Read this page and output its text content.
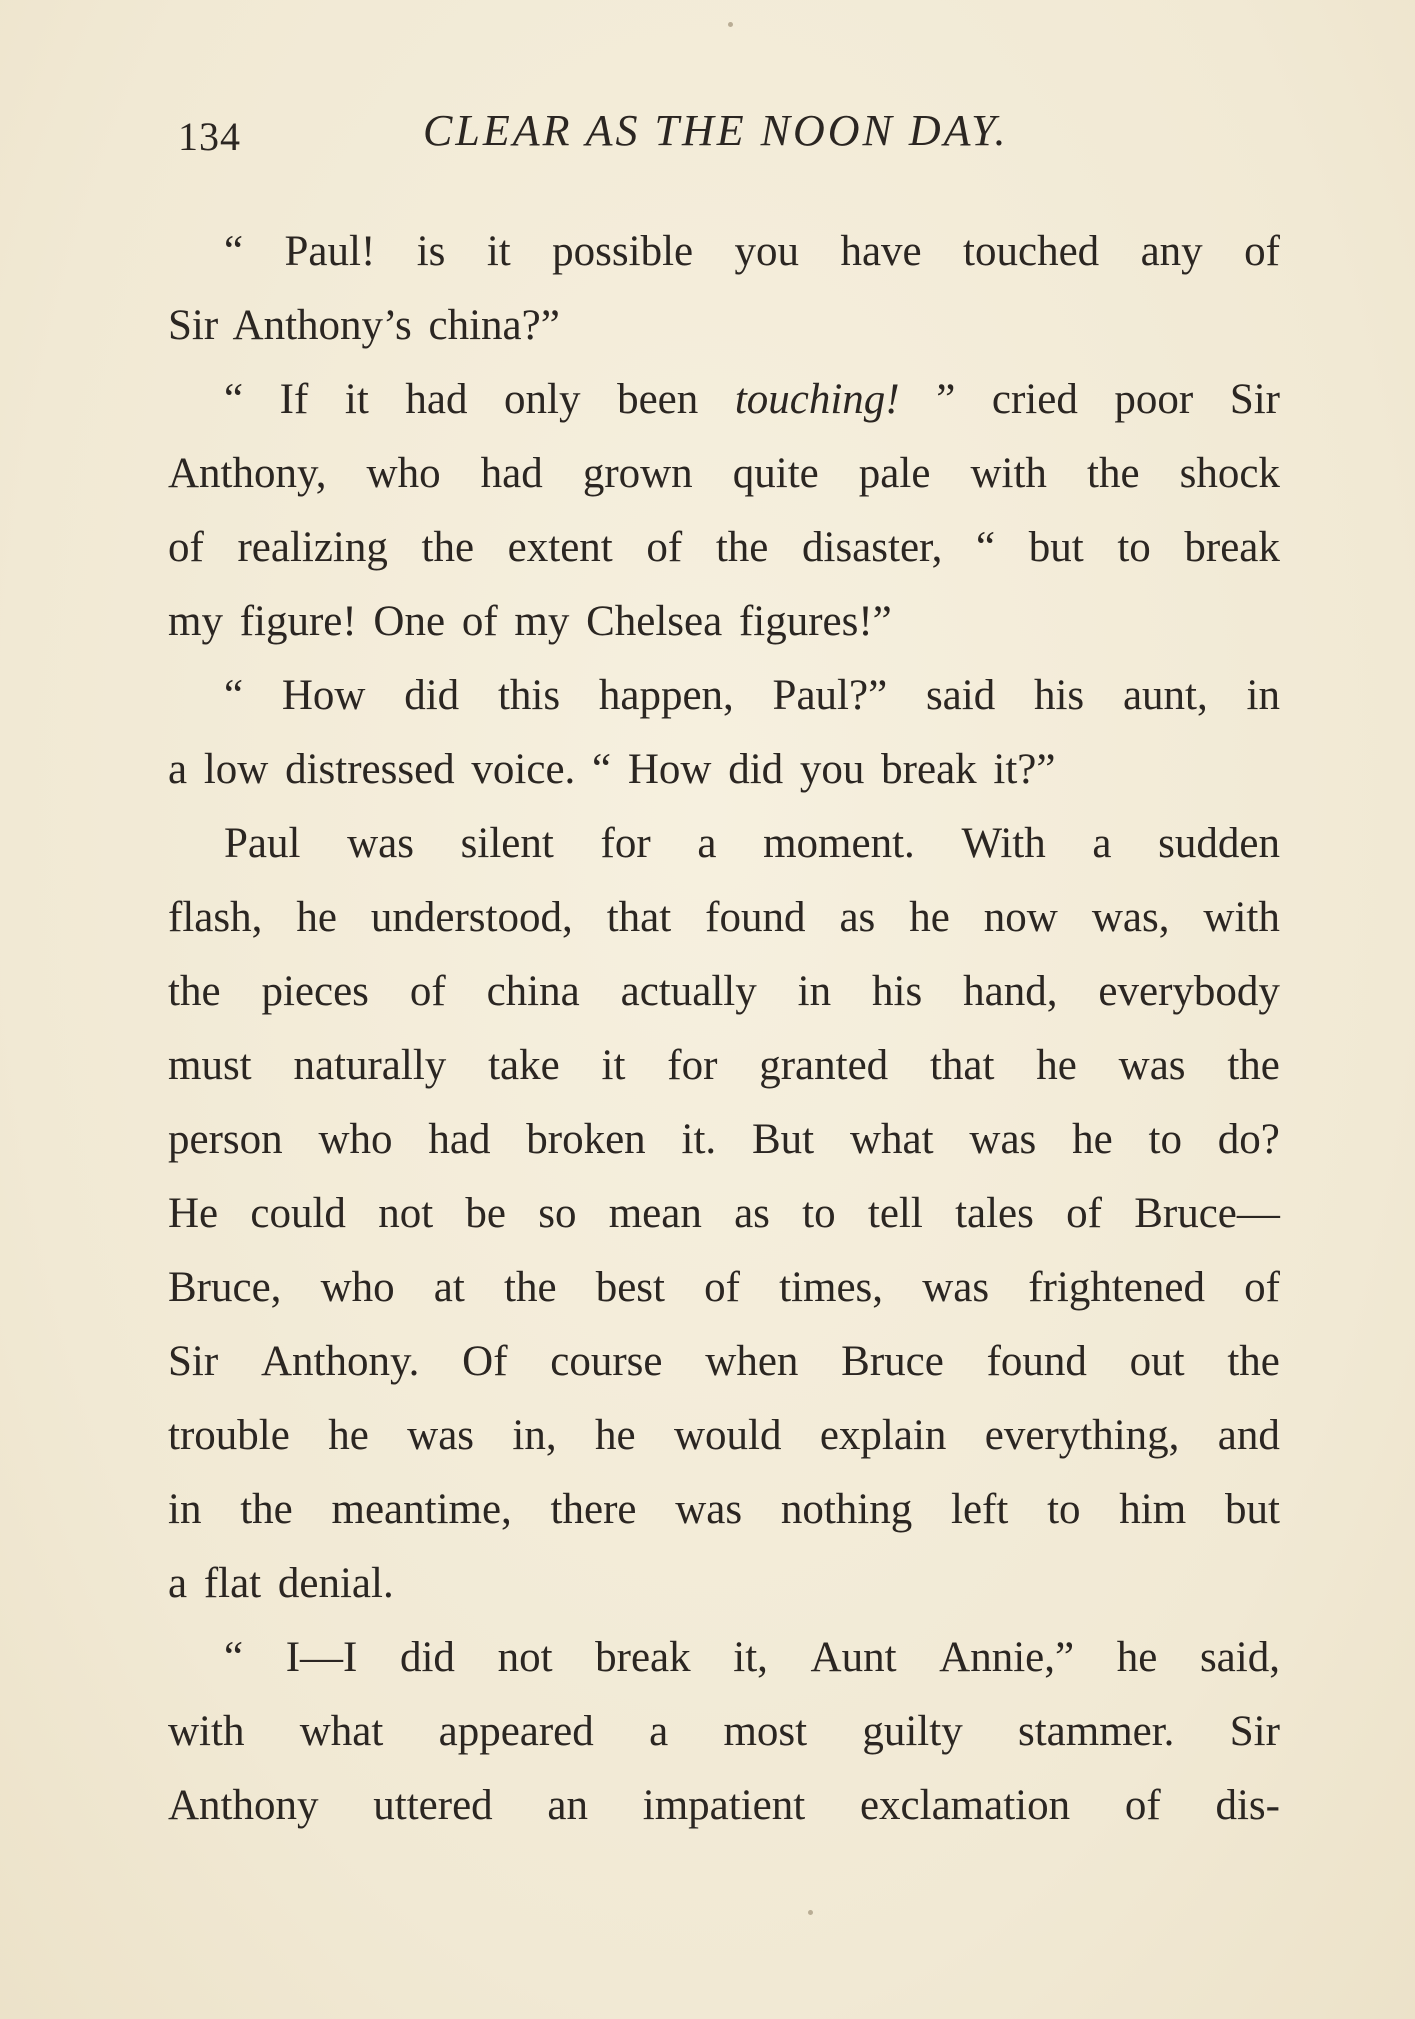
134	CLEAR AS THE NOON DAY.
“ Paul! is it possible you have touched any of
Sir Anthony’s china?”
“ If it had only been touching! ” cried poor Sir
Anthony, who had grown quite pale with the shock
of realizing the extent of the disaster, “ but to break
my figure! One of my Chelsea figures!”
“ How did this happen, Paul?” said his aunt, in
a low distressed voice. “ How did you break it?”
Paul was silent for a moment. With a sudden
flash, he understood, that found as he now was, with
the pieces of china actually in his hand, everybody
must naturally take it for granted that he was the
person who had broken it. But what was he to do?
He could not be so mean as to tell tales of Bruce—
Bruce, who at the best of times, was frightened of
Sir Anthony. Of course when Bruce found out the
trouble he was in, he would explain everything, and
in the meantime, there was nothing left to him but
a flat denial.
“ I—I did not break it, Aunt Annie,” he said,
with what appeared a most guilty stammer. Sir
Anthony uttered an impatient exclamation of dis-
